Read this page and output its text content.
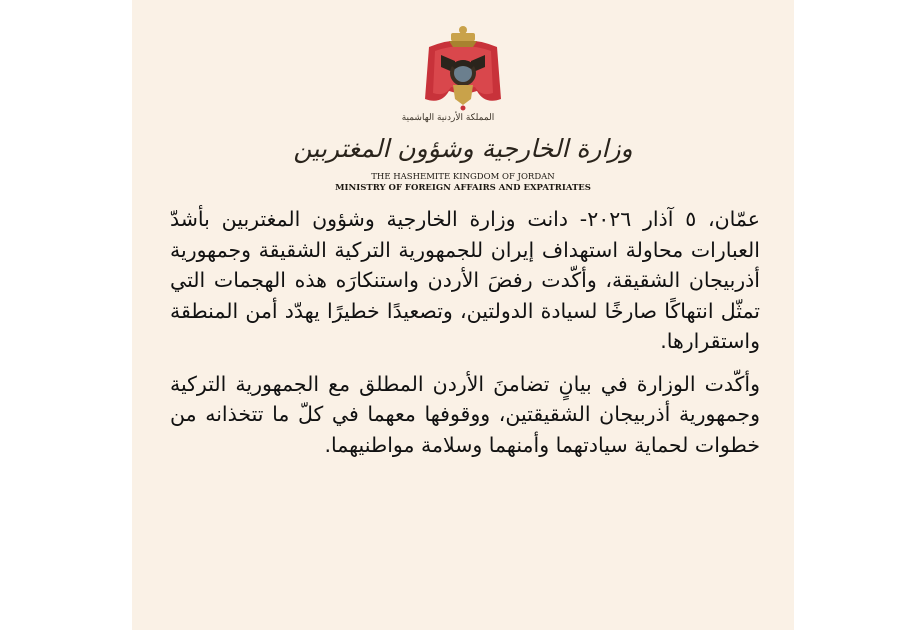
المملكة الأردنية الهاشمية
وزارة الخارجية وشؤون المغتربين
THE HASHEMITE KINGDOM OF JORDAN
MINISTRY OF FOREIGN AFFAIRS AND EXPATRIATES

عمّان، ٥ آذار ٢٠٢٦- دانت وزارة الخارجية وشؤون المغتربين بأشدّ العبارات محاولة استهداف إيران للجمهورية التركية الشقيقة وجمهورية أذربيجان الشقيقة، وأكّدت رفضَ الأردن واستنكارَه هذه الهجمات التي تمثّل انتهاكًا صارخًا لسيادة الدولتين، وتصعيدًا خطيرًا يهدّد أمن المنطقة واستقرارها.

وأكّدت الوزارة في بيانٍ تضامنَ الأردن المطلق مع الجمهورية التركية وجمهورية أذربيجان الشقيقتين، ووقوفها معهما في كلّ ما تتخذانه من خطوات لحماية سيادتهما وأمنهما وسلامة مواطنيهما.
